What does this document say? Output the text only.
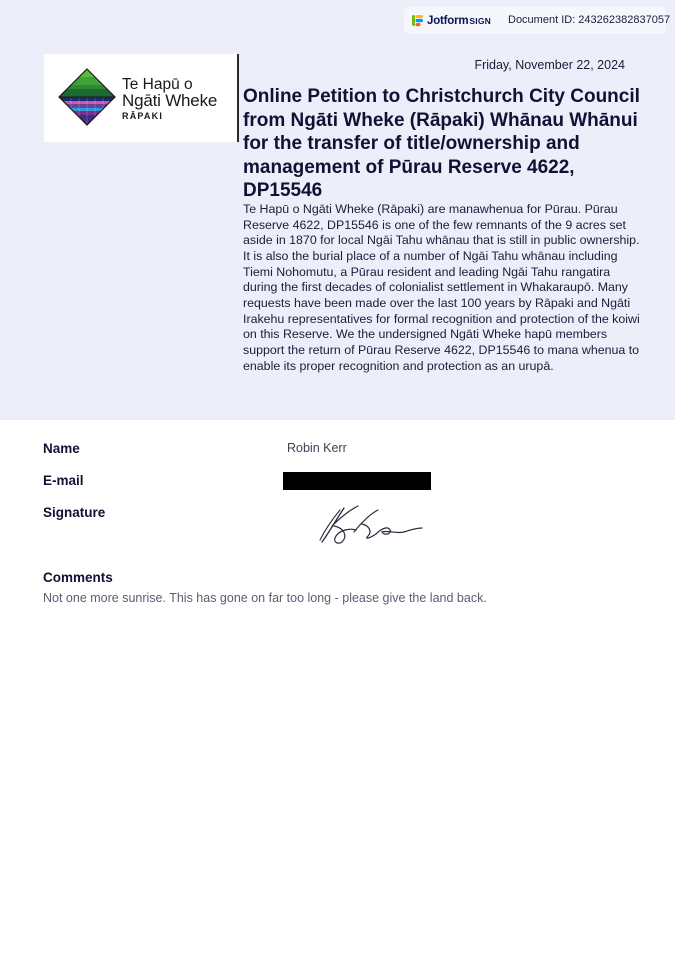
Jotform SIGN Document ID: 243262382837057
Te Hapū o
Ngāti Wheke
RĀPAKI
Friday, November 22, 2024
Online Petition to Christchurch City Council from Ngāti Wheke (Rāpaki) Whānau Whānui for the transfer of title/ownership and management of Pūrau Reserve 4622, DP15546

Te Hapū o Ngāti Wheke (Rāpaki) are manawhenua for Pūrau. Pūrau Reserve 4622, DP15546 is one of the few remnants of the 9 acres set aside in 1870 for local Ngāi Tahu whānau that is still in public ownership. It is also the burial place of a number of Ngāi Tahu whānau including Tiemi Nohomutu, a Pūrau resident and leading Ngāi Tahu rangatira during the first decades of colonialist settlement in Whakaraupō. Many requests have been made over the last 100 years by Rāpaki and Ngāti Irakehu representatives for formal recognition and protection of the koiwi on this Reserve. We the undersigned Ngāti Wheke hapū members support the return of Pūrau Reserve 4622, DP15546 to mana whenua to enable its proper recognition and protection as an urupā.

Name	Robin Kerr
E-mail
Signature
Comments
Not one more sunrise. This has gone on far too long - please give the land back.
